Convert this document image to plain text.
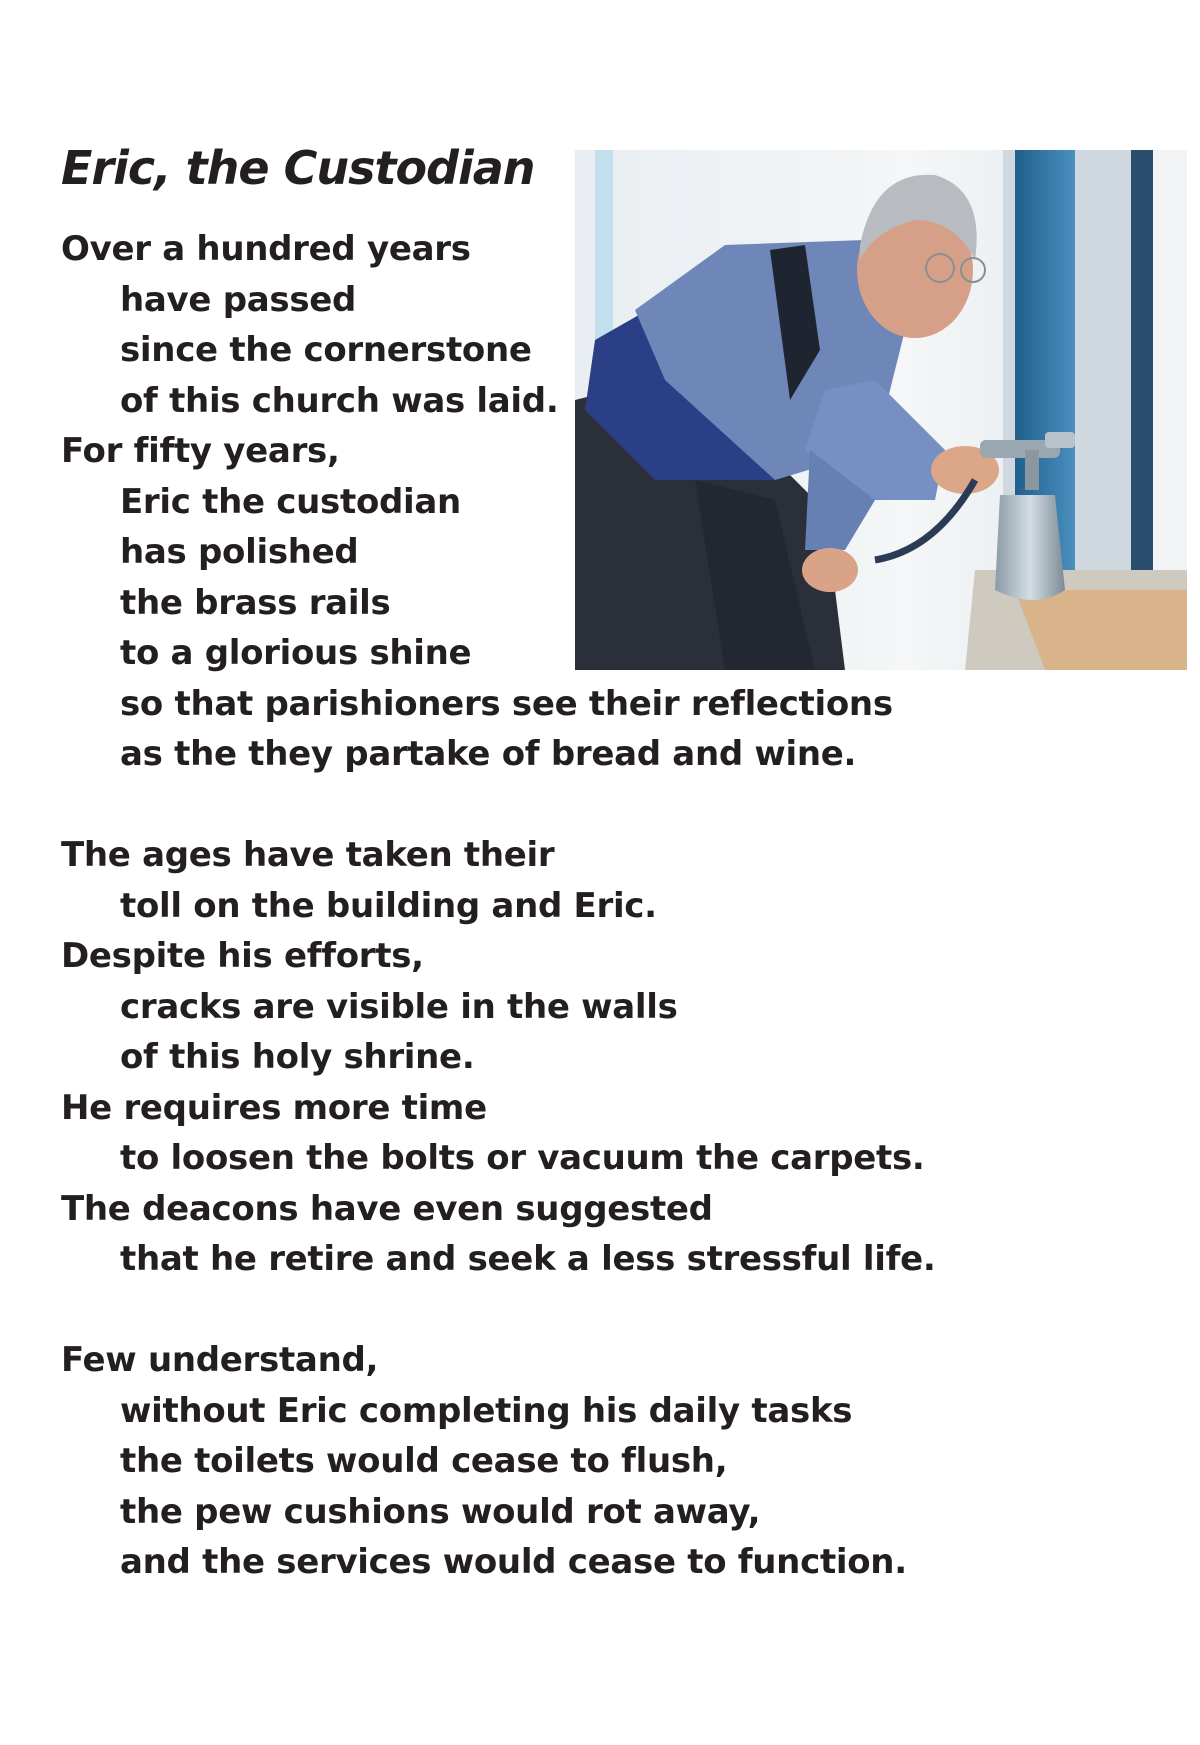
Eric, the Custodian
Over a hundred years
have passed
since the cornerstone
of this church was laid.
For fifty years,
Eric the custodian
has polished
the brass rails
to a glorious shine
so that parishioners see their reflections
as the they partake of bread and wine.
The ages have taken their
toll on the building and Eric.
Despite his efforts,
cracks are visible in the walls
of this holy shrine.
He requires more time
to loosen the bolts or vacuum the carpets.
The deacons have even suggested
that he retire and seek a less stressful life.
Few understand,
without Eric completing his daily tasks
the toilets would cease to flush,
the pew cushions would rot away,
and the services would cease to function.
